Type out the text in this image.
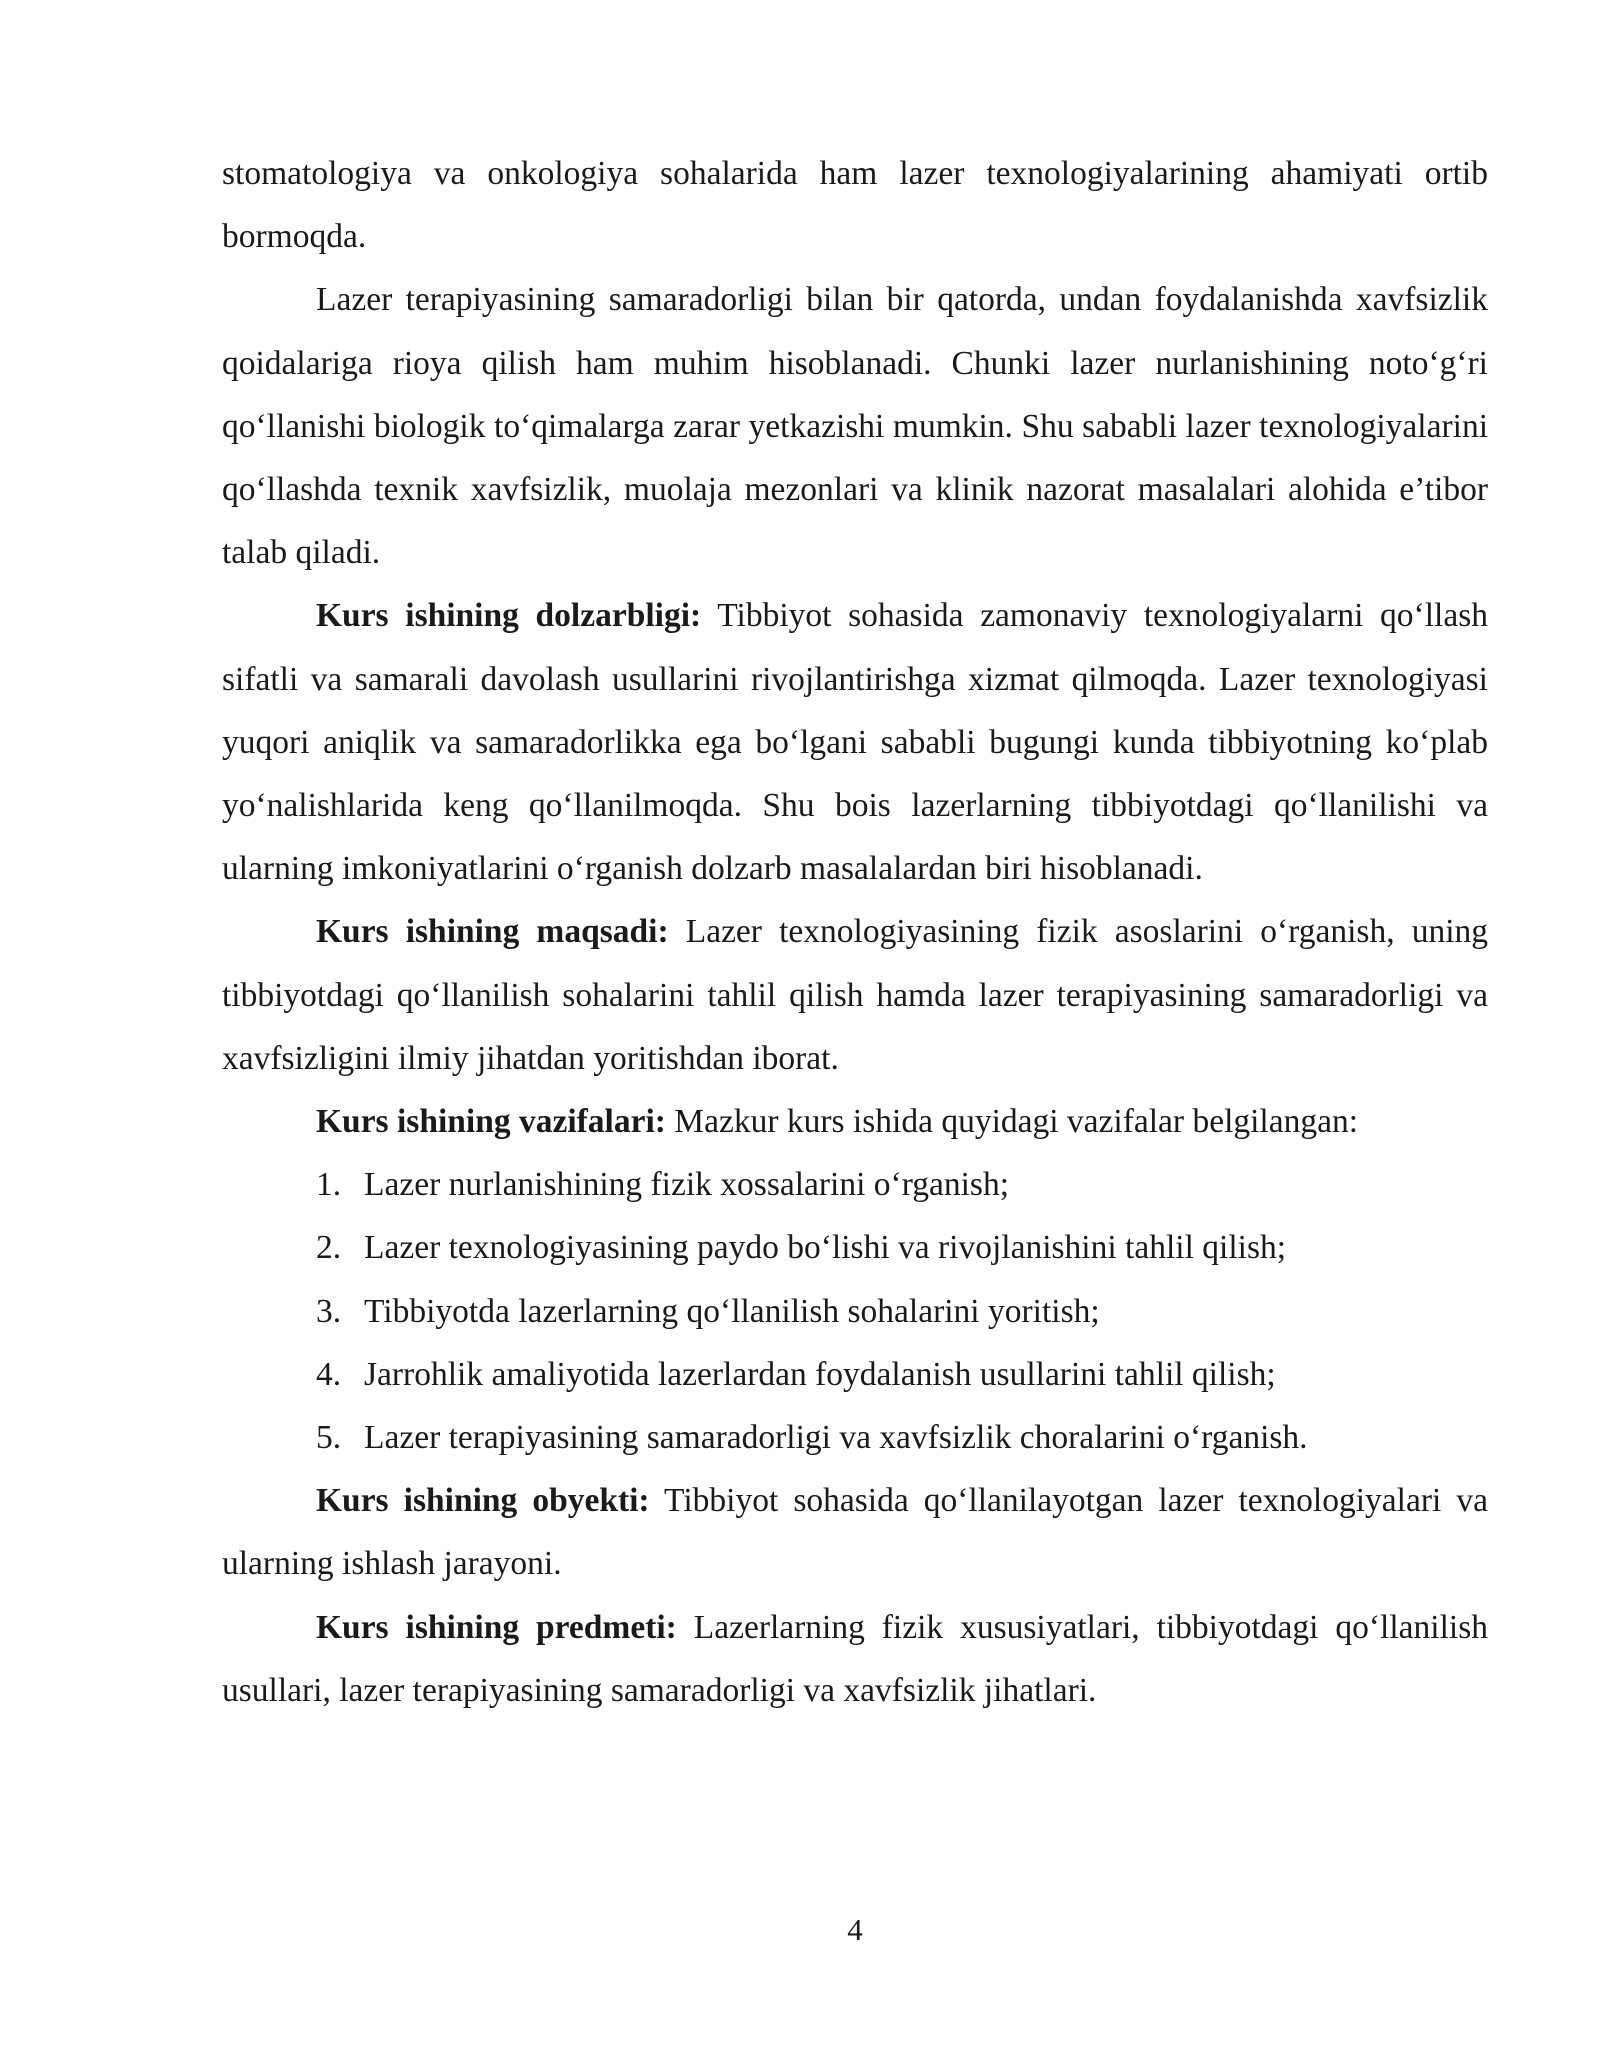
stomatologiya va onkologiya sohalarida ham lazer texnologiyalarining ahamiyati ortib bormoqda.

Lazer terapiyasining samaradorligi bilan bir qatorda, undan foydalanishda xavfsizlik qoidalariga rioya qilish ham muhim hisoblanadi. Chunki lazer nurlanishining noto‘g‘ri qo‘llanishi biologik to‘qimalarga zarar yetkazishi mumkin. Shu sababli lazer texnologiyalarini qo‘llashda texnik xavfsizlik, muolaja mezonlari va klinik nazorat masalalari alohida e’tibor talab qiladi.

Kurs ishining dolzarbligi: Tibbiyot sohasida zamonaviy texnologiyalarni qo‘llash sifatli va samarali davolash usullarini rivojlantirishga xizmat qilmoqda. Lazer texnologiyasi yuqori aniqlik va samaradorlikka ega bo‘lgani sababli bugungi kunda tibbiyotning ko‘plab yo‘nalishlarida keng qo‘llanilmoqda. Shu bois lazerlarning tibbiyotdagi qo‘llanilishi va ularning imkoniyatlarini o‘rganish dolzarb masalalardan biri hisoblanadi.

Kurs ishining maqsadi: Lazer texnologiyasining fizik asoslarini o‘rganish, uning tibbiyotdagi qo‘llanilish sohalarini tahlil qilish hamda lazer terapiyasining samaradorligi va xavfsizligini ilmiy jihatdan yoritishdan iborat.

Kurs ishining vazifalari: Mazkur kurs ishida quyidagi vazifalar belgilangan:

1. Lazer nurlanishining fizik xossalarini o‘rganish;
2. Lazer texnologiyasining paydo bo‘lishi va rivojlanishini tahlil qilish;
3. Tibbiyotda lazerlarning qo‘llanilish sohalarini yoritish;
4. Jarrohlik amaliyotida lazerlardan foydalanish usullarini tahlil qilish;
5. Lazer terapiyasining samaradorligi va xavfsizlik choralarini o‘rganish.

Kurs ishining obyekti: Tibbiyot sohasida qo‘llanilayotgan lazer texnologiyalari va ularning ishlash jarayoni.

Kurs ishining predmeti: Lazerlarning fizik xususiyatlari, tibbiyotdagi qo‘llanilish usullari, lazer terapiyasining samaradorligi va xavfsizlik jihatlari.

4
